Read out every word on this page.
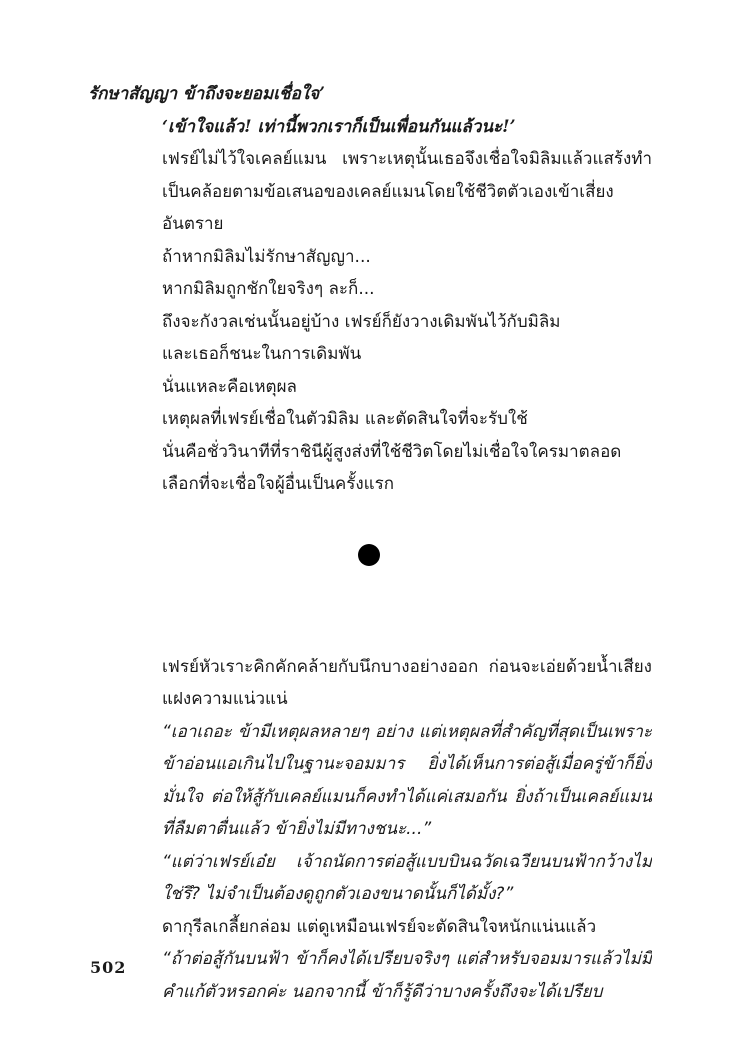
รักษาสัญญา ข้าถึงจะยอมเชื่อใจ’

‘เข้าใจแล้ว! เท่านี้พวกเราก็เป็นเพื่อนกันแล้วนะ!’

เฟรย์ไม่ไว้ใจเคลย์แมน เพราะเหตุนั้นเธอจึงเชื่อใจมิลิมแล้วแสร้งทำเป็นคล้อยตามข้อเสนอของเคลย์แมนโดยใช้ชีวิตตัวเองเข้าเสี่ยงอันตราย

ถ้าหากมิลิมไม่รักษาสัญญา...

หากมิลิมถูกชักใยจริงๆ ละก็...

ถึงจะกังวลเช่นนั้นอยู่บ้าง เฟรย์ก็ยังวางเดิมพันไว้กับมิลิม

และเธอก็ชนะในการเดิมพัน

นั่นแหละคือเหตุผล

เหตุผลที่เฟรย์เชื่อในตัวมิลิม และตัดสินใจที่จะรับใช้

นั่นคือชั่ววินาทีที่ราชินีผู้สูงส่งที่ใช้ชีวิตโดยไม่เชื่อใจใครมาตลอดเลือกที่จะเชื่อใจผู้อื่นเป็นครั้งแรก

เฟรย์หัวเราะคิกคักคล้ายกับนึกบางอย่างออก ก่อนจะเอ่ยด้วยน้ำเสียงแฝงความแน่วแน่

“เอาเถอะ ข้ามีเหตุผลหลายๆ อย่าง แต่เหตุผลที่สำคัญที่สุดเป็นเพราะข้าอ่อนแอเกินไปในฐานะจอมมาร ยิ่งได้เห็นการต่อสู้เมื่อครู่ข้าก็ยิ่งมั่นใจ ต่อให้สู้กับเคลย์แมนก็คงทำได้แค่เสมอกัน ยิ่งถ้าเป็นเคลย์แมนที่ลืมตาตื่นแล้ว ข้ายิ่งไม่มีทางชนะ...”

“แต่ว่าเฟรย์เอ๋ย เจ้าถนัดการต่อสู้แบบบินฉวัดเฉวียนบนฟ้ากว้างไม่ใช่รึ? ไม่จำเป็นต้องดูถูกตัวเองขนาดนั้นก็ได้มั้ง?”

ดากุรีลเกลี้ยกล่อม แต่ดูเหมือนเฟรย์จะตัดสินใจหนักแน่นแล้ว

“ถ้าต่อสู้กันบนฟ้า ข้าก็คงได้เปรียบจริงๆ แต่สำหรับจอมมารแล้วไม่มีคำแก้ตัวหรอกค่ะ นอกจากนี้ ข้าก็รู้ดีว่าบางครั้งถึงจะได้เปรียบ

502
